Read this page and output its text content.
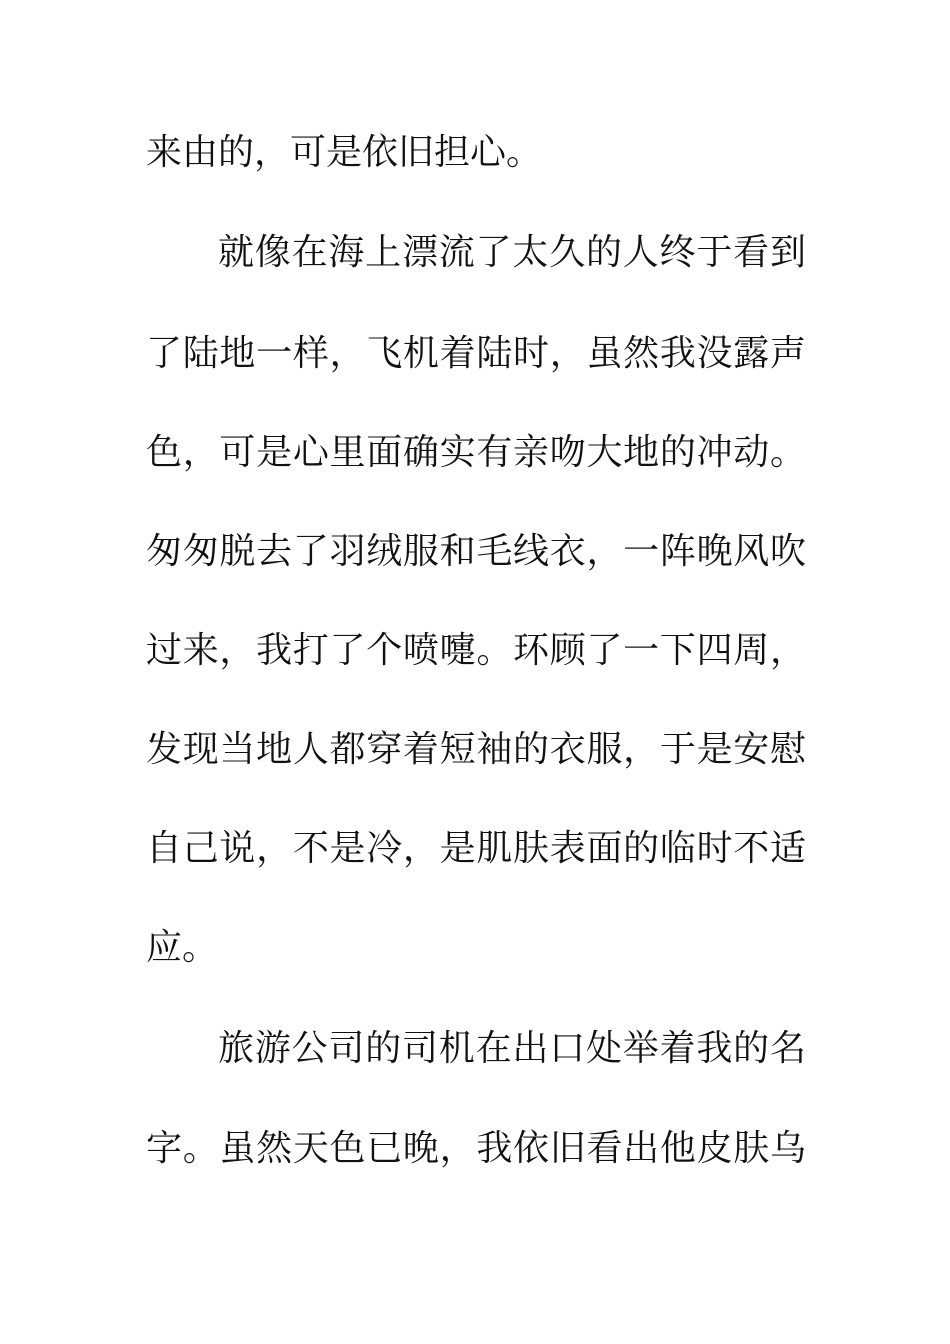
来由的，可是依旧担心。
就像在海上漂流了太久的人终于看到
了陆地一样，飞机着陆时，虽然我没露声
色，可是心里面确实有亲吻大地的冲动。
匆匆脱去了羽绒服和毛线衣，一阵晚风吹
过来，我打了个喷嚏。环顾了一下四周，
发现当地人都穿着短袖的衣服，于是安慰
自己说，不是冷，是肌肤表面的临时不适
应。
旅游公司的司机在出口处举着我的名
字。虽然天色已晚，我依旧看出他皮肤乌
